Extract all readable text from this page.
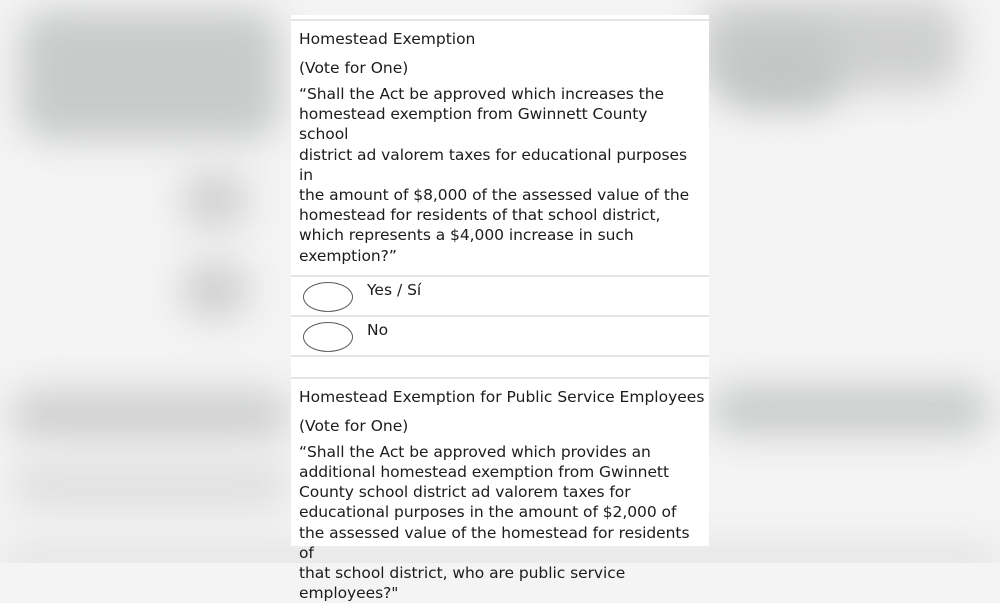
Homestead Exemption
(Vote for One)
“Shall the Act be approved which increases the
homestead exemption from Gwinnett County school
district ad valorem taxes for educational purposes in
the amount of $8,000 of the assessed value of the
homestead for residents of that school district,
which represents a $4,000 increase in such
exemption?”
Yes / Sí
No
Homestead Exemption for Public Service Employees
(Vote for One)
“Shall the Act be approved which provides an
additional homestead exemption from Gwinnett
County school district ad valorem taxes for
educational purposes in the amount of $2,000 of
the assessed value of the homestead for residents of
that school district, who are public service
employees?"
